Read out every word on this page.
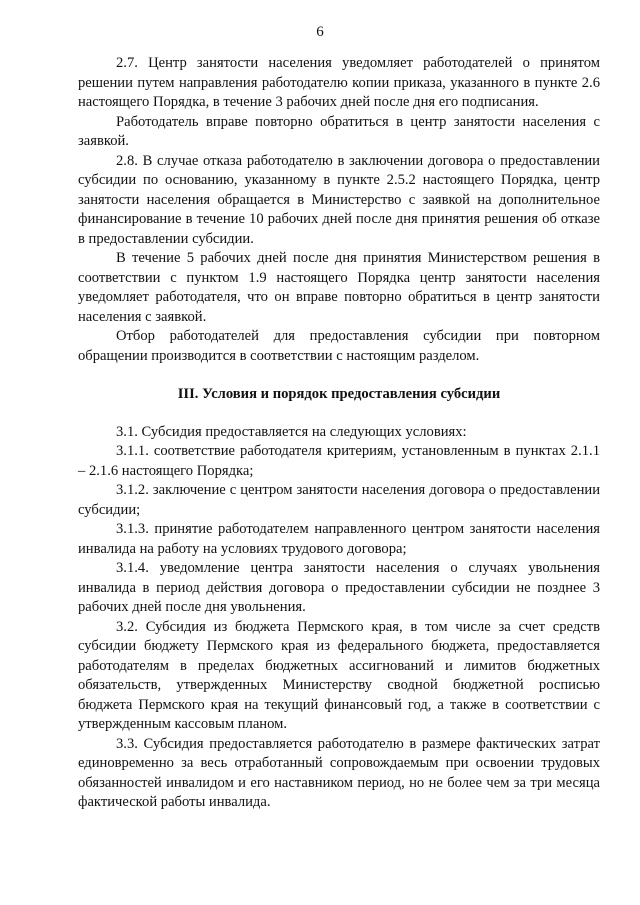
6

2.7. Центр занятости населения уведомляет работодателей о принятом решении путем направления работодателю копии приказа, указанного в пункте 2.6 настоящего Порядка, в течение 3 рабочих дней после дня его подписания.

Работодатель вправе повторно обратиться в центр занятости населения с заявкой.

2.8. В случае отказа работодателю в заключении договора о предоставлении субсидии по основанию, указанному в пункте 2.5.2 настоящего Порядка, центр занятости населения обращается в Министерство с заявкой на дополнительное финансирование в течение 10 рабочих дней после дня принятия решения об отказе в предоставлении субсидии.

В течение 5 рабочих дней после дня принятия Министерством решения в соответствии с пунктом 1.9 настоящего Порядка центр занятости населения уведомляет работодателя, что он вправе повторно обратиться в центр занятости населения с заявкой.

Отбор работодателей для предоставления субсидии при повторном обращении производится в соответствии с настоящим разделом.

III. Условия и порядок предоставления субсидии

3.1. Субсидия предоставляется на следующих условиях:

3.1.1. соответствие работодателя критериям, установленным в пунктах 2.1.1 – 2.1.6 настоящего Порядка;

3.1.2. заключение с центром занятости населения договора о предоставлении субсидии;

3.1.3. принятие работодателем направленного центром занятости населения инвалида на работу на условиях трудового договора;

3.1.4. уведомление центра занятости населения о случаях увольнения инвалида в период действия договора о предоставлении субсидии не позднее 3 рабочих дней после дня увольнения.

3.2. Субсидия из бюджета Пермского края, в том числе за счет средств субсидии бюджету Пермского края из федерального бюджета, предоставляется работодателям в пределах бюджетных ассигнований и лимитов бюджетных обязательств, утвержденных Министерству сводной бюджетной росписью бюджета Пермского края на текущий финансовый год, а также в соответствии с утвержденным кассовым планом.

3.3. Субсидия предоставляется работодателю в размере фактических затрат единовременно за весь отработанный сопровождаемым при освоении трудовых обязанностей инвалидом и его наставником период, но не более чем за три месяца фактической работы инвалида.
